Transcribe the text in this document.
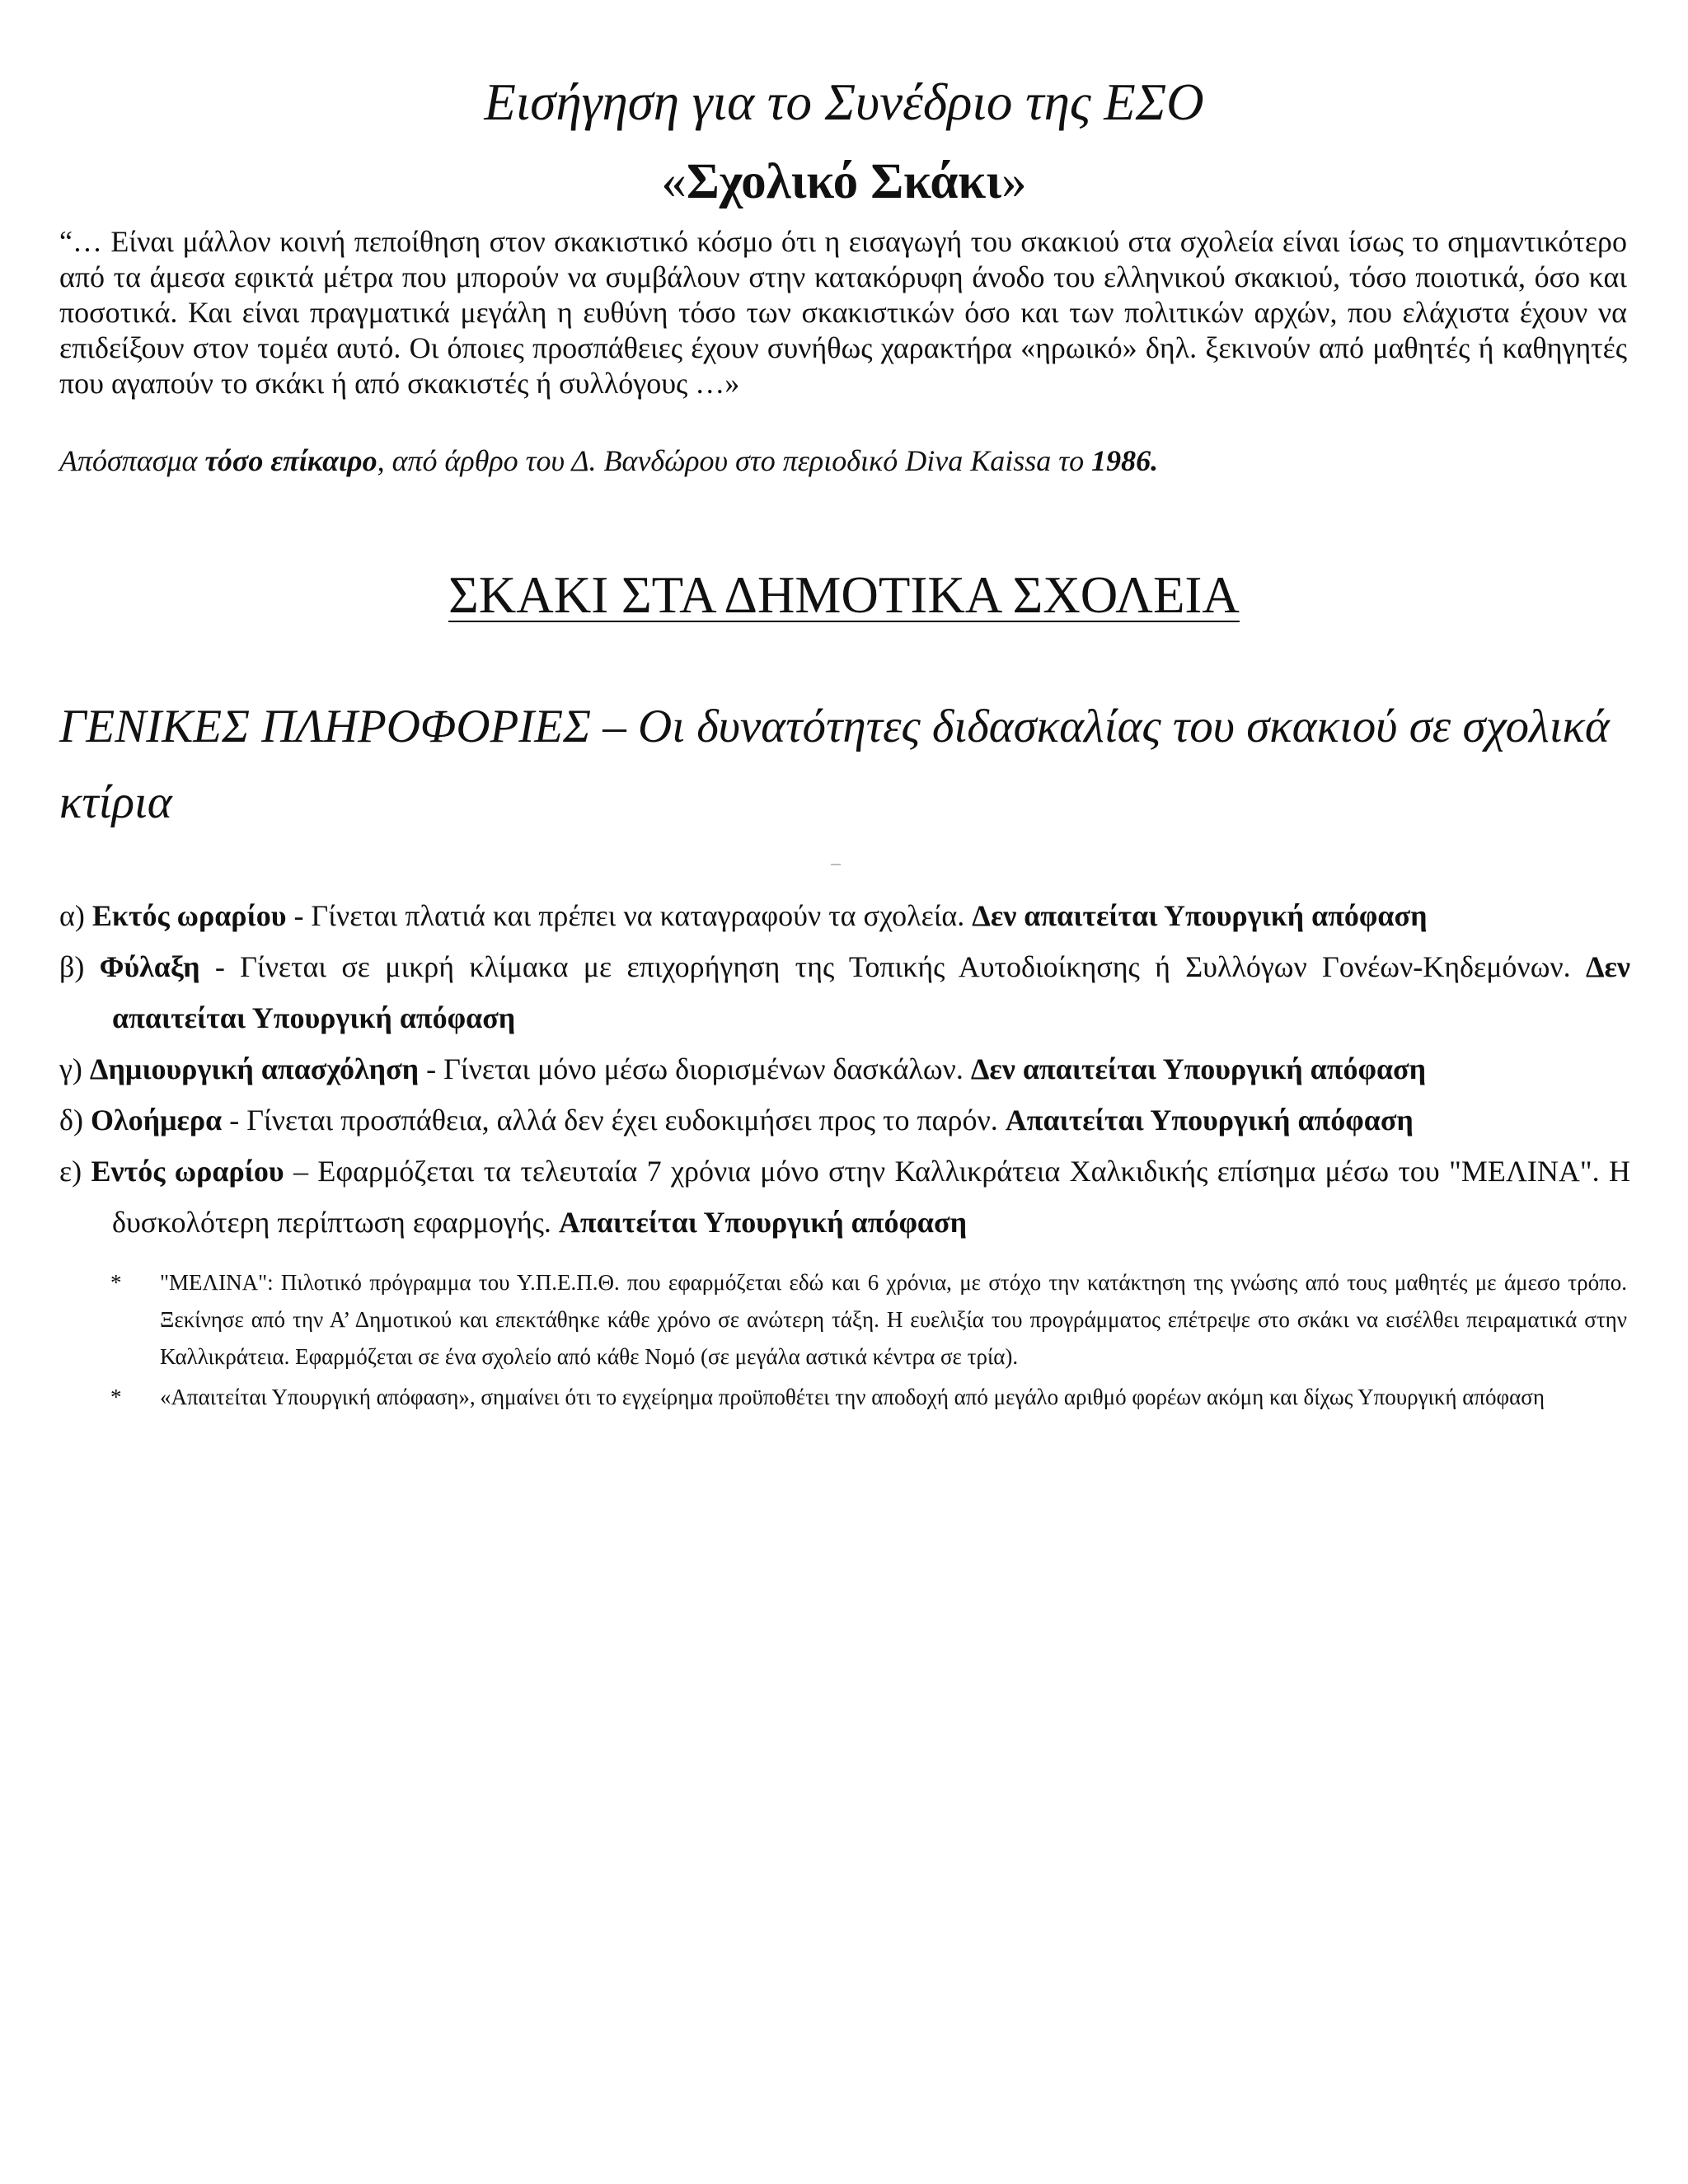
Εισήγηση για το Συνέδριο της ΕΣΟ
«Σχολικό Σκάκι»

“… Είναι μάλλον κοινή πεποίθηση στον σκακιστικό κόσμο ότι η εισαγωγή του σκακιού στα σχολεία είναι ίσως το σημαντικότερο από τα άμεσα εφικτά μέτρα που μπορούν να συμβάλουν στην κατακόρυφη άνοδο του ελληνικού σκακιού, τόσο ποιοτικά, όσο και ποσοτικά. Και είναι πραγματικά μεγάλη η ευθύνη τόσο των σκακιστικών όσο και των πολιτικών αρχών, που ελάχιστα έχουν να επιδείξουν στον τομέα αυτό. Οι όποιες προσπάθειες έχουν συνήθως χαρακτήρα «ηρωικό» δηλ. ξεκινούν από μαθητές ή καθηγητές που αγαπούν το σκάκι ή από σκακιστές ή συλλόγους …»

Απόσπασμα τόσο επίκαιρο, από άρθρο του Δ. Βανδώρου στο περιοδικό Diva Kaissa το 1986.

ΣΚΑΚΙ ΣΤΑ ΔΗΜΟΤΙΚΑ ΣΧΟΛΕΙΑ
ΓΕΝΙΚΕΣ ΠΛΗΡΟΦΟΡΙΕΣ – Οι δυνατότητες διδασκαλίας του σκακιού σε σχολικά κτίρια
α) Εκτός ωραρίου - Γίνεται πλατιά και πρέπει να καταγραφούν τα σχολεία. Δεν απαιτείται Υπουργική απόφαση
β) Φύλαξη - Γίνεται σε μικρή κλίμακα με επιχορήγηση της Τοπικής Αυτοδιοίκησης ή Συλλόγων Γονέων-Κηδεμόνων. Δεν απαιτείται Υπουργική απόφαση
γ) Δημιουργική απασχόληση - Γίνεται μόνο μέσω διορισμένων δασκάλων. Δεν απαιτείται Υπουργική απόφαση
δ) Ολοήμερα - Γίνεται προσπάθεια, αλλά δεν έχει ευδοκιμήσει προς το παρόν. Απαιτείται Υπουργική απόφαση
ε) Εντός ωραρίου – Εφαρμόζεται τα τελευταία 7 χρόνια μόνο στην Καλλικράτεια Χαλκιδικής επίσημα μέσω του "ΜΕΛΙΝΑ". Η δυσκολότερη περίπτωση εφαρμογής. Απαιτείται Υπουργική απόφαση
* "ΜΕΛΙΝΑ": Πιλοτικό πρόγραμμα του Υ.Π.Ε.Π.Θ. που εφαρμόζεται εδώ και 6 χρόνια, με στόχο την κατάκτηση της γνώσης από τους μαθητές με άμεσο τρόπο. Ξεκίνησε από την Α’ Δημοτικού και επεκτάθηκε κάθε χρόνο σε ανώτερη τάξη. Η ευελιξία του προγράμματος επέτρεψε στο σκάκι να εισέλθει πειραματικά στην Καλλικράτεια. Εφαρμόζεται σε ένα σχολείο από κάθε Νομό (σε μεγάλα αστικά κέντρα σε τρία).
* «Απαιτείται Υπουργική απόφαση», σημαίνει ότι το εγχείρημα προϋποθέτει την αποδοχή από μεγάλο αριθμό φορέων ακόμη και δίχως Υπουργική απόφαση
